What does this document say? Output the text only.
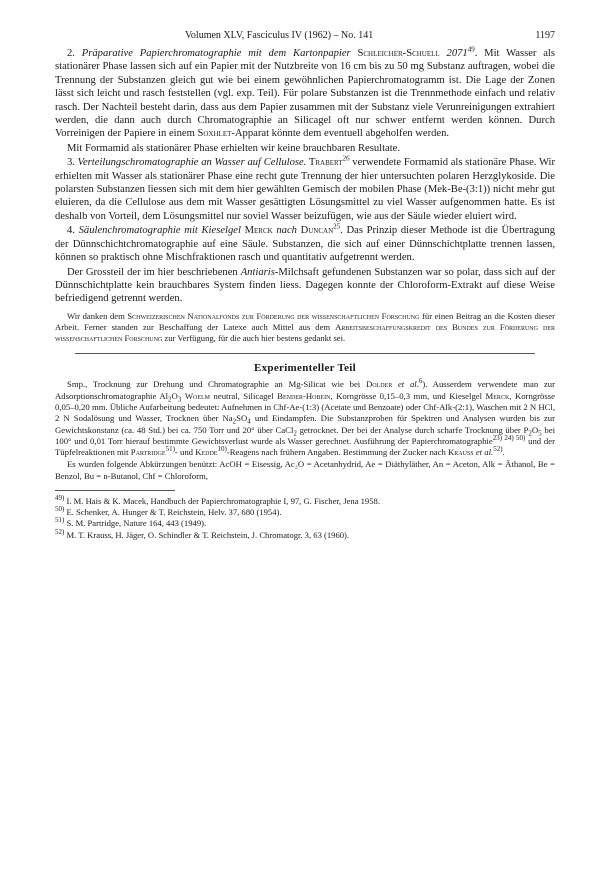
Volumen XLV, Fasciculus IV (1962) – No. 141	1197

2. Präparative Papierchromatographie mit dem Kartonpapier Schleicher-Schuell 2071$^{49}$. Mit Wasser als stationärer Phase lassen sich auf ein Papier mit der Nutzbreite von 16 cm bis zu 50 mg Substanz auftragen, wobei die Trennung der Substanzen gleich gut wie bei einem gewöhnlichen Papierchromatogramm ist. Die Lage der Zonen lässt sich leicht und rasch feststellen (vgl. exp. Teil). Für polare Substanzen ist die Trennmethode einfach und relativ rasch. Der Nachteil besteht darin, dass aus dem Papier zusammen mit der Substanz viele Verunreinigungen extrahiert werden, die dann auch durch Chromatographie an Silicagel oft nur schwer entfernt werden können. Durch Vorreinigen der Papiere in einem Soxhlet-Apparat könnte dem eventuell abgeholfen werden.

Mit Formamid als stationärer Phase erhielten wir keine brauchbaren Resultate.

3. Verteilungschromatographie an Wasser auf Cellulose. Trabert$^{26}$ verwendete Formamid als stationäre Phase. Wir erhielten mit Wasser als stationärer Phase eine recht gute Trennung der hier untersuchten polaren Herzglykoside. Die polarsten Substanzen liessen sich mit dem hier gewählten Gemisch der mobilen Phase (Mek-Be-(3:1)) nicht mehr gut eluieren, da die Cellulose aus dem mit Wasser gesättigten Lösungsmittel zu viel Wasser aufgenommen hatte. Es ist deshalb von Vorteil, dem Lösungsmittel nur soviel Wasser beizufügen, wie aus der Säule wieder eluiert wird.

4. Säulenchromatographie mit Kieselgel Merck nach Duncan$^{25}$. Das Prinzip dieser Methode ist die Übertragung der Dünnschichtchromatographie auf eine Säule. Substanzen, die sich auf einer Dünnschichtplatte trennen lassen, können so praktisch ohne Mischfraktionen rasch und quantitativ aufgetrennt werden.

Der Grossteil der im hier beschriebenen Antiaris-Milchsaft gefundenen Substanzen war so polar, dass sich auf der Dünnschichtplatte kein brauchbares System finden liess. Dagegen konnte der Chloroform-Extrakt auf diese Weise befriedigend getrennt werden.

Wir danken dem Schweizerischen Nationalfonds zur Förderung der wissenschaftlichen Forschung für einen Beitrag an die Kosten dieser Arbeit. Ferner standen zur Beschaffung der Latexe auch Mittel aus dem Arbeitsbeschaffungskredit des Bundes zur Förderung der wissenschaftlichen Forschung zur Verfügung, für die auch hier bestens gedankt sei.

Experimenteller Teil

Smp., Trocknung zur Drehung und Chromatographie an Mg-Silicat wie bei Dolder et al.$^6$). Ausserdem verwendete man zur Adsorptionschromatographie $Al_2O_3$ Woelm neutral, Silicagel Bender-Hobein, Korngrösse 0,15–0,3 mm, und Kieselgel Merck, Korngrösse 0,05–0,20 mm. Übliche Aufarbeitung bedeutet: Aufnehmen in Chf-Ae-(1:3) (Acetate und Benzoate) oder Chf-Alk-(2:1), Waschen mit 2 N HCl, 2 N Sodalösung und Wasser, Trocknen über $Na_2SO_4$ und Eindampfen. Die Substanzproben für Spektren und Analysen wurden bis zur Gewichtskonstanz (ca. 48 Std.) bei ca. 750 Torr und 20° über CaCl$_2$ getrocknet. Der bei der Analyse durch scharfe Trocknung über $P_2O_5$ bei 100° und 0,01 Torr hierauf bestimmte Gewichtsverlust wurde als Wasser gerechnet. Ausführung der Papierchromatographie$^{23) 24) 50)}$ und der Tüpfelreaktionen mit Partridge$^{51)}$- und Kedde$^{10)}$-Reagens nach frühern Angaben. Bestimmung der Zucker nach Krauss et al.$^{52)}$.

Es wurden folgende Abkürzungen benützt: AcOH = Eisessig, Ac₂O = Acetanhydrid, Ae = Diäthyläther, An = Aceton, Alk = Äthanol, Be = Benzol, Bu = n-Butanol, Chf = Chloroform,

$^{49)}$ I. M. Hais & K. Macek, Handbuch der Papierchromatographie I, 97, G. Fischer, Jena 1958.

$^{50)}$ E. Schenker, A. Hunger & T. Reichstein, Helv. 37, 680 (1954).

$^{51)}$ S. M. Partridge, Nature 164, 443 (1949).

$^{52)}$ M. T. Krauss, H. Jäger, O. Schindler & T. Reichstein, J. Chromatogr. 3, 63 (1960).
